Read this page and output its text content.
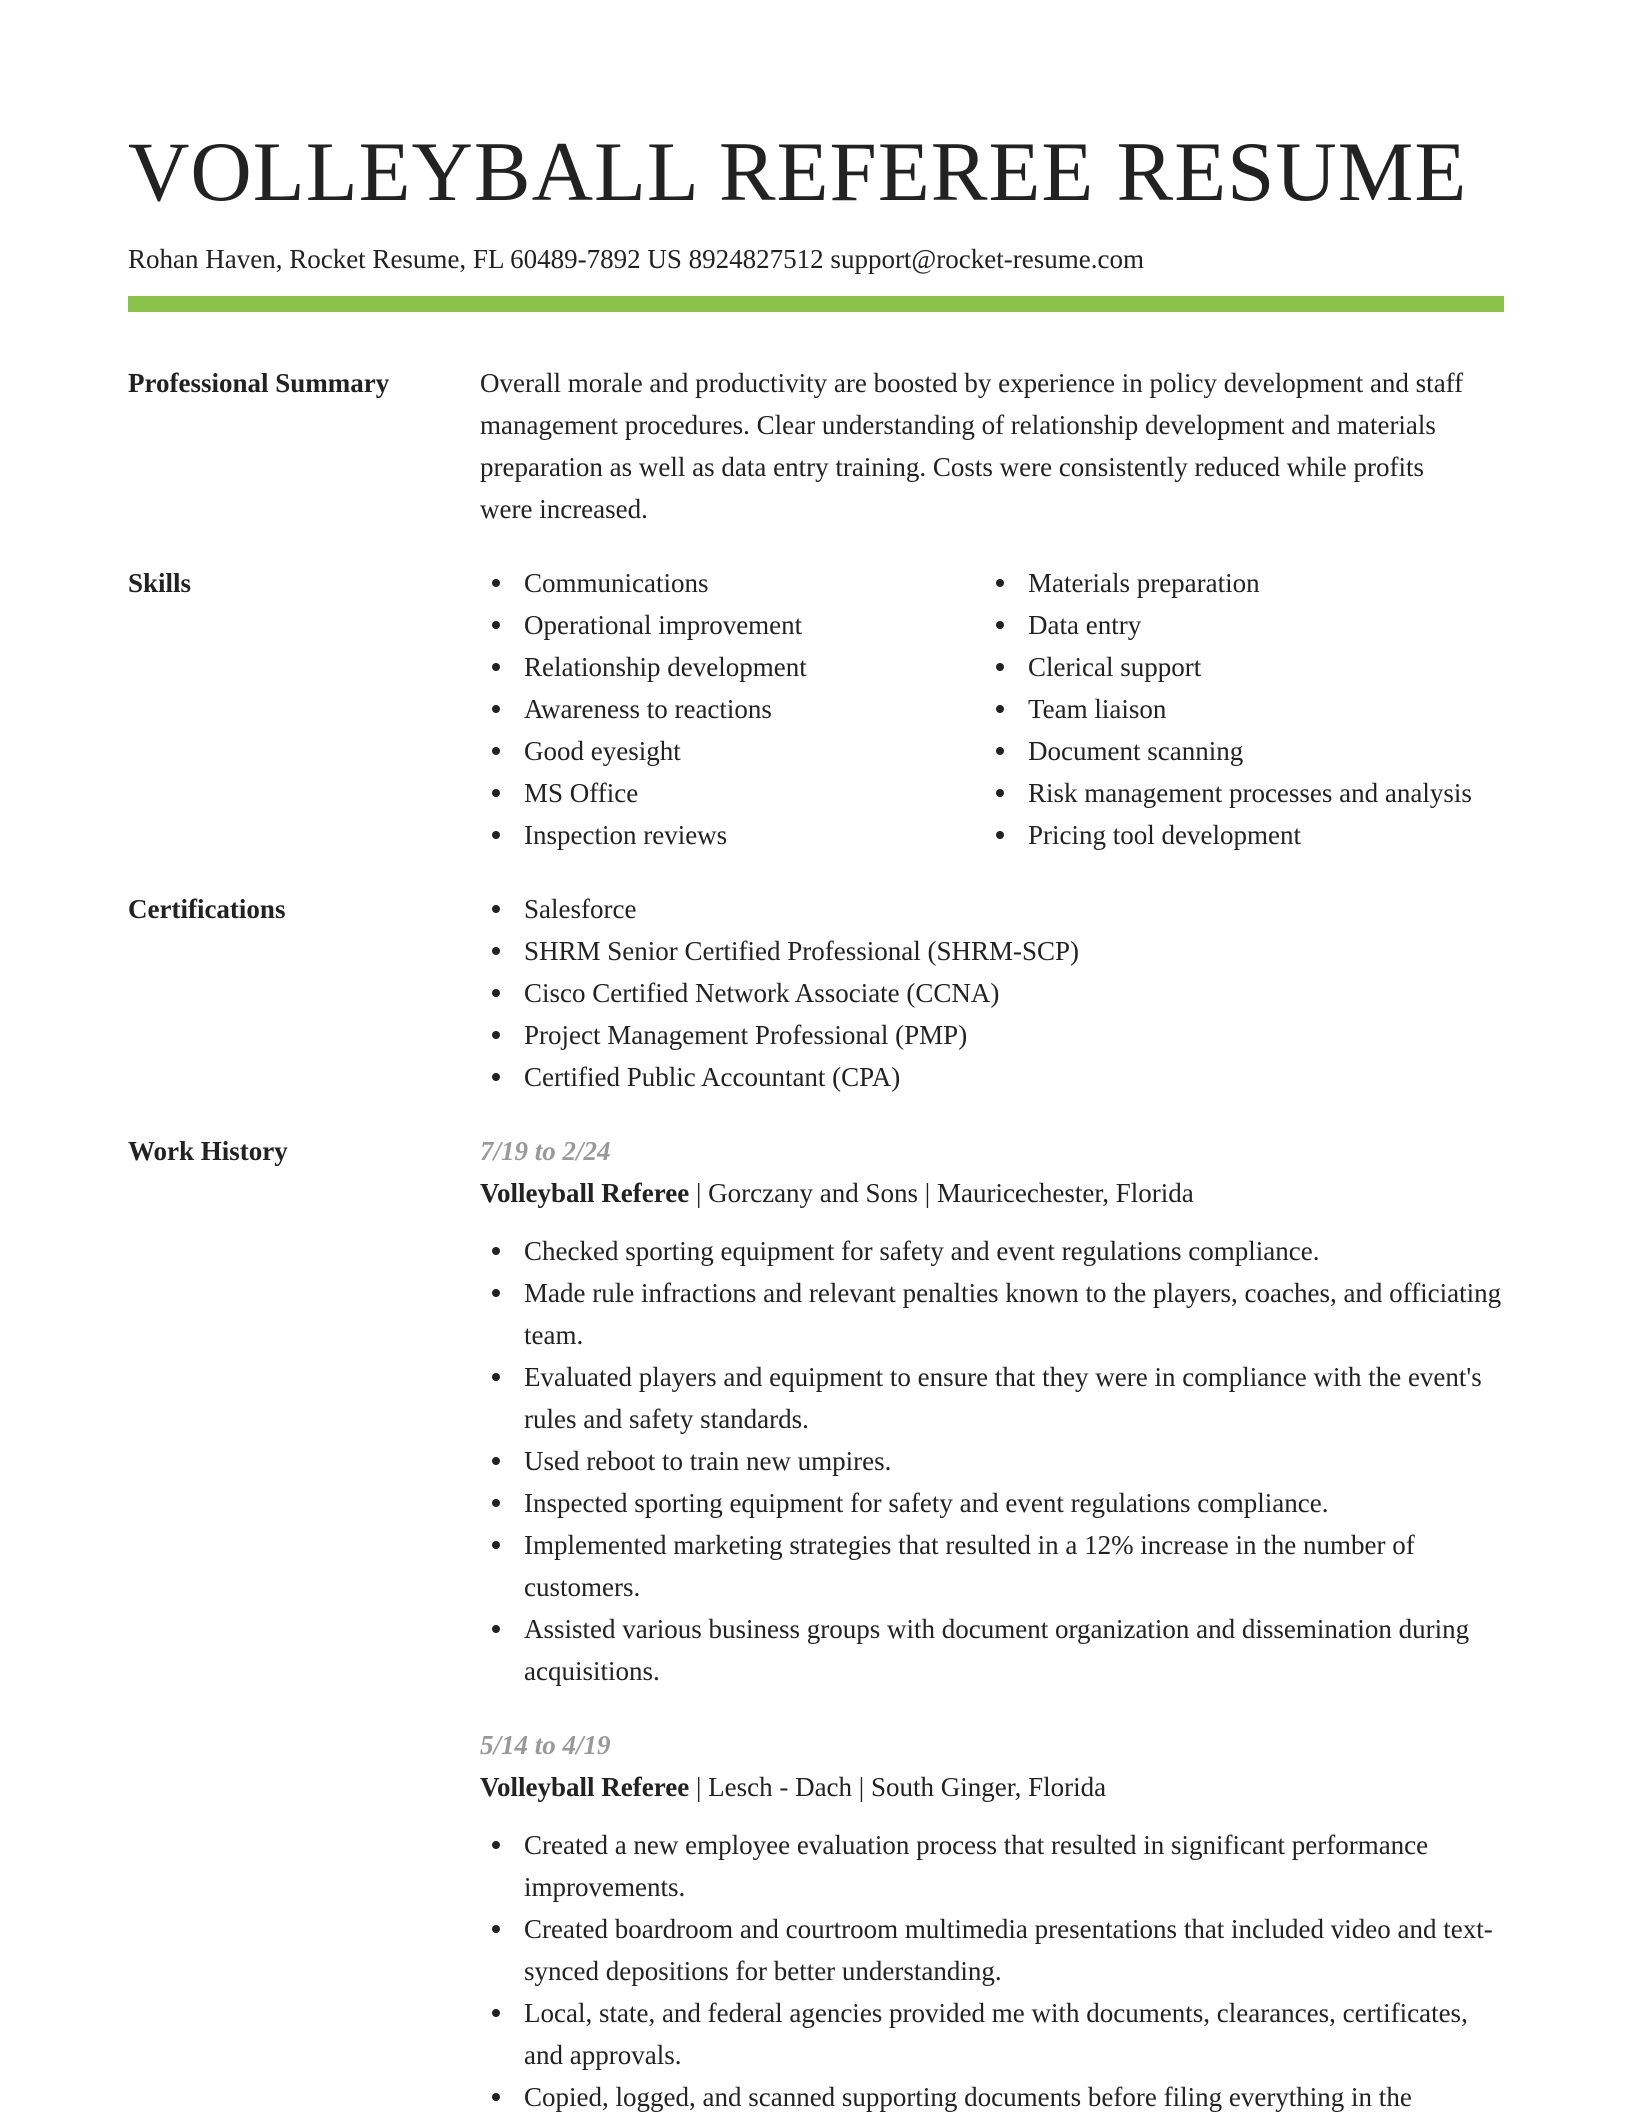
VOLLEYBALL REFEREE RESUME
Rohan Haven, Rocket Resume, FL 60489-7892 US 8924827512 support@rocket-resume.com
Professional Summary	Overall morale and productivity are boosted by experience in policy development and staff management procedures. Clear understanding of relationship development and materials preparation as well as data entry training. Costs were consistently reduced while profits were increased.

Skills	Communications
Operational improvement
Relationship development
Awareness to reactions
Good eyesight
MS Office
Inspection reviews
Materials preparation
Data entry
Clerical support
Team liaison
Document scanning
Risk management processes and analysis
Pricing tool development
Certifications	Salesforce
SHRM Senior Certified Professional (SHRM-SCP)
Cisco Certified Network Associate (CCNA)
Project Management Professional (PMP)
Certified Public Accountant (CPA)
Work History	7/19 to 2/24
Volleyball Referee | Gorczany and Sons | Mauricechester, Florida
Checked sporting equipment for safety and event regulations compliance.
Made rule infractions and relevant penalties known to the players, coaches, and officiating team.
Evaluated players and equipment to ensure that they were in compliance with the event's rules and safety standards.
Used reboot to train new umpires.
Inspected sporting equipment for safety and event regulations compliance.
Implemented marketing strategies that resulted in a 12% increase in the number of customers.
Assisted various business groups with document organization and dissemination during acquisitions.
5/14 to 4/19
Volleyball Referee | Lesch - Dach | South Ginger, Florida
Created a new employee evaluation process that resulted in significant performance improvements.
Created boardroom and courtroom multimedia presentations that included video and text-synced depositions for better understanding.
Local, state, and federal agencies provided me with documents, clearances, certificates, and approvals.
Copied, logged, and scanned supporting documents before filing everything in the
